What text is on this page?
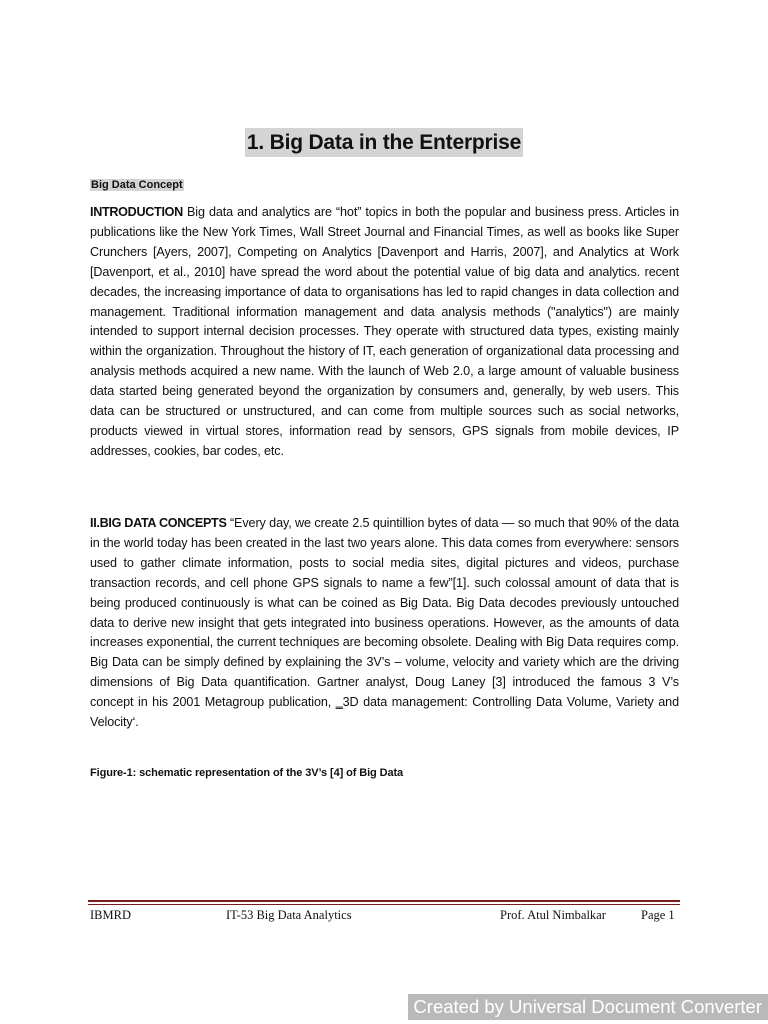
1. Big Data in the Enterprise
Big Data Concept
INTRODUCTION Big data and analytics are “hot” topics in both the popular and business press. Articles in publications like the New York Times, Wall Street Journal and Financial Times, as well as books like Super Crunchers [Ayers, 2007], Competing on Analytics [Davenport and Harris, 2007], and Analytics at Work [Davenport, et al., 2010] have spread the word about the potential value of big data and analytics. recent decades, the increasing importance of data to organisations has led to rapid changes in data collection and management. Traditional information management and data analysis methods ("analytics") are mainly intended to support internal decision processes. They operate with structured data types, existing mainly within the organization. Throughout the history of IT, each generation of organizational data processing and analysis methods acquired a new name. With the launch of Web 2.0, a large amount of valuable business data started being generated beyond the organization by consumers and, generally, by web users. This data can be structured or unstructured, and can come from multiple sources such as social networks, products viewed in virtual stores, information read by sensors, GPS signals from mobile devices, IP addresses, cookies, bar codes, etc.
II.BIG DATA CONCEPTS “Every day, we create 2.5 quintillion bytes of data — so much that 90% of the data in the world today has been created in the last two years alone. This data comes from everywhere: sensors used to gather climate information, posts to social media sites, digital pictures and videos, purchase transaction records, and cell phone GPS signals to name a few”[1]. such colossal amount of data that is being produced continuously is what can be coined as Big Data. Big Data decodes previously untouched data to derive new insight that gets integrated into business operations. However, as the amounts of data increases exponential, the current techniques are becoming obsolete. Dealing with Big Data requires comp. Big Data can be simply defined by explaining the 3V’s – volume, velocity and variety which are the driving dimensions of Big Data quantification. Gartner analyst, Doug Laney [3] introduced the famous 3 V’s concept in his 2001 Metagroup publication, ‗3D data management: Controlling Data Volume, Variety and Velocity‘.
Figure-1: schematic representation of the 3V’s [4] of Big Data
IBMRD	IT-53 Big Data Analytics	Prof. Atul Nimbalkar	Page 1
Created by Universal Document Converter
